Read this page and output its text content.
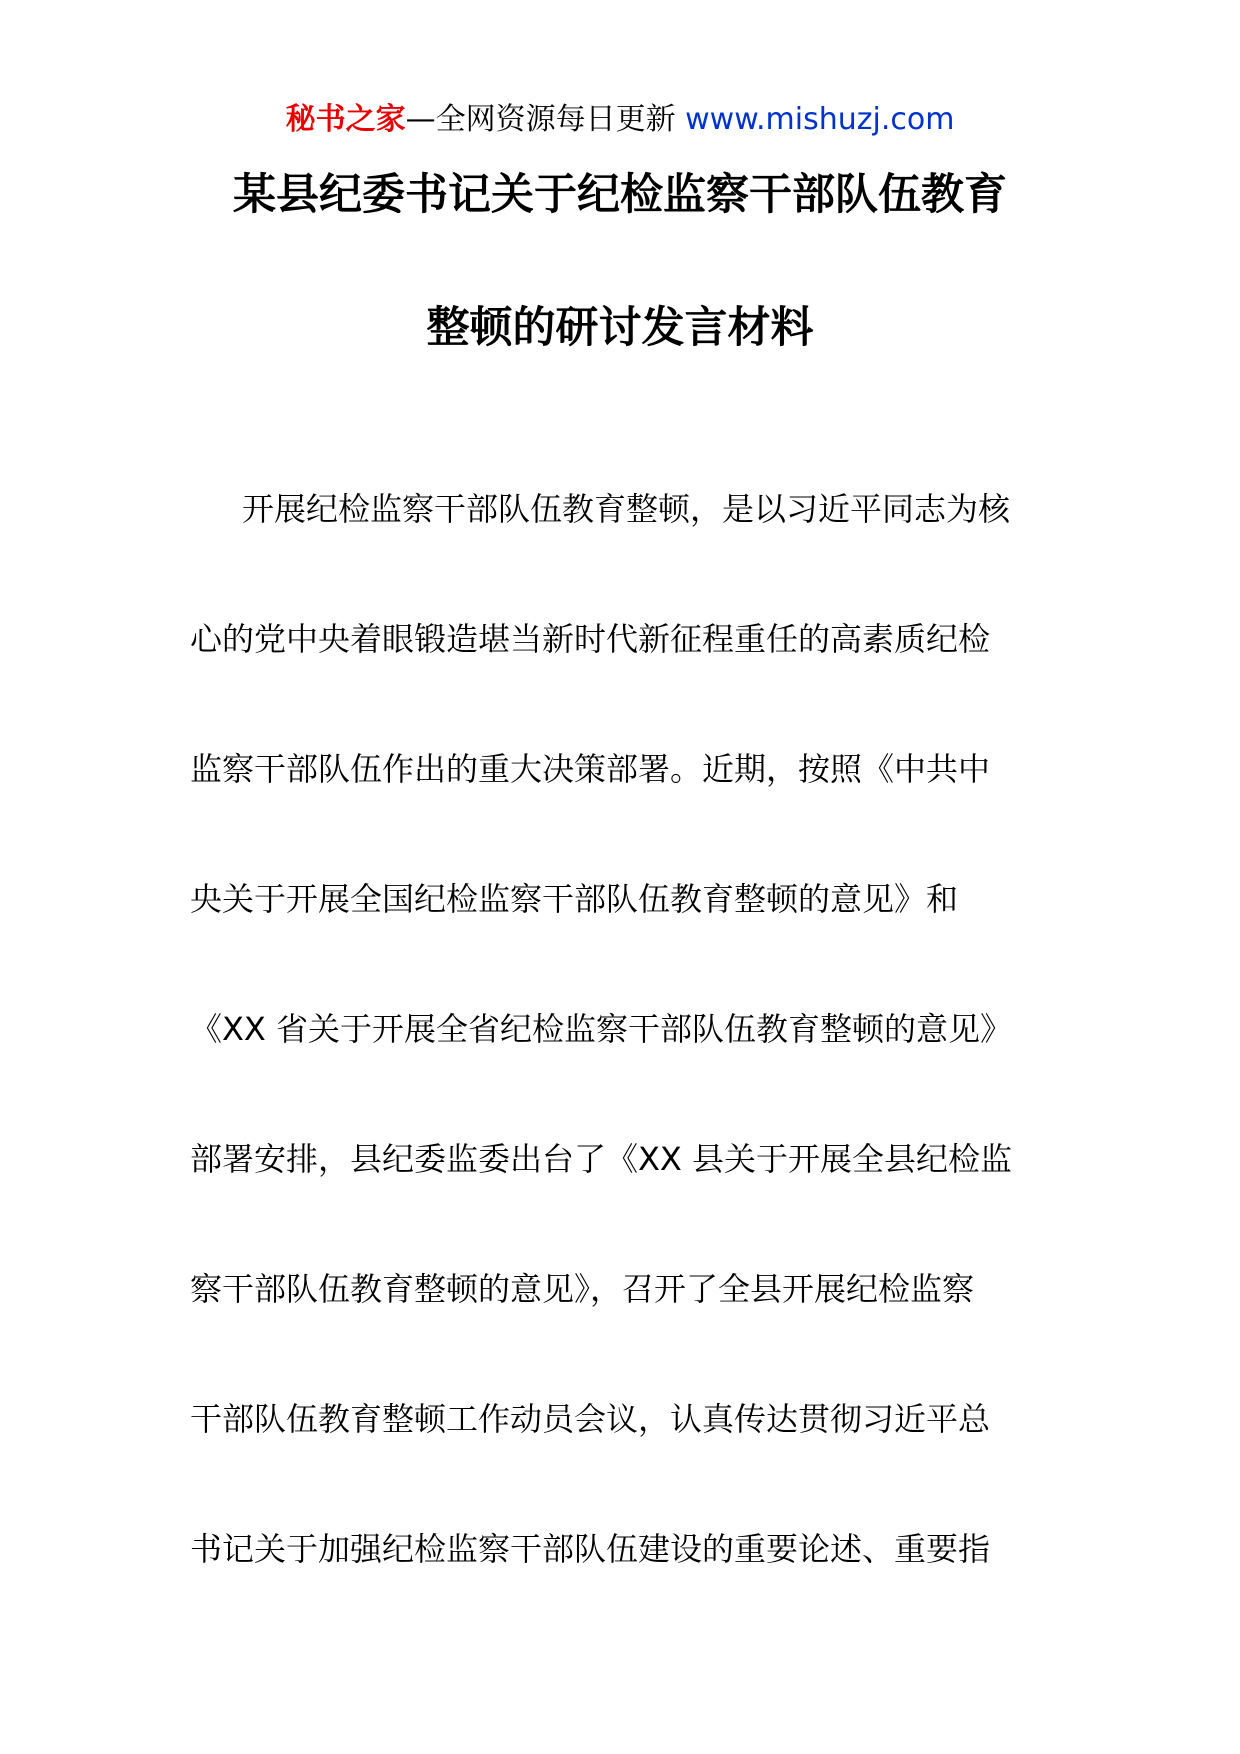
秘书之家—全网资源每日更新 www.mishuzj.com
某县纪委书记关于纪检监察干部队伍教育
整顿的研讨发言材料
开展纪检监察干部队伍教育整顿，是以习近平同志为核
心的党中央着眼锻造堪当新时代新征程重任的高素质纪检
监察干部队伍作出的重大决策部署。近期，按照《中共中
央关于开展全国纪检监察干部队伍教育整顿的意见》和
《XX 省关于开展全省纪检监察干部队伍教育整顿的意见》
部署安排，县纪委监委出台了《XX 县关于开展全县纪检监
察干部队伍教育整顿的意见》，召开了全县开展纪检监察
干部队伍教育整顿工作动员会议，认真传达贯彻习近平总
书记关于加强纪检监察干部队伍建设的重要论述、重要指
